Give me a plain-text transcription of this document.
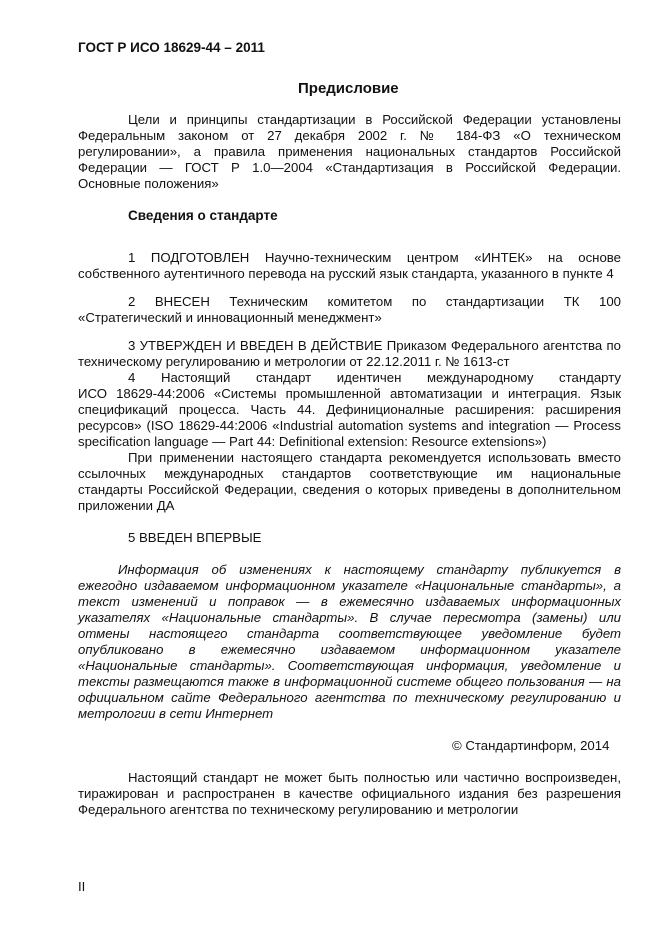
ГОСТ Р ИСО 18629-44 – 2011
Предисловие
Цели и принципы стандартизации в Российской Федерации установлены
Федеральным законом от 27 декабря 2002 г. № 184-ФЗ «О техническом
регулировании», а правила применения национальных стандартов Российской
Федерации — ГОСТ Р 1.0—2004 «Стандартизация в Российской Федерации.
Основные положения»
Сведения о стандарте
1 ПОДГОТОВЛЕН Научно-техническим центром «ИНТЕК» на основе
собственного аутентичного перевода на русский язык стандарта, указанного в пункте 4
2 ВНЕСЕН Техническим комитетом по стандартизации ТК 100
«Стратегический и инновационный менеджмент»
3 УТВЕРЖДЕН И ВВЕДЕН В ДЕЙСТВИЕ Приказом Федерального агентства по
техническому регулированию и метрологии от 22.12.2011 г. № 1613-ст
4 Настоящий стандарт идентичен международному стандарту
ИСО 18629-44:2006 «Системы промышленной автоматизации и интеграция. Язык
спецификаций процесса. Часть 44. Дефиниционалные расширения: расширения
ресурсов» (ISO 18629-44:2006 «Industrial automation systems and integration — Process
specification language — Part 44: Definitional extension: Resource extensions»)
При применении настоящего стандарта рекомендуется использовать вместо
ссылочных международных стандартов соответствующие им национальные
стандарты Российской Федерации, сведения о которых приведены в дополнительном
приложении ДА
5 ВВЕДЕН ВПЕРВЫЕ
Информация об изменениях к настоящему стандарту публикуется в
ежегодно издаваемом информационном указателе «Национальные стандарты», а
текст изменений и поправок — в ежемесячно издаваемых информационных
указателях «Национальные стандарты». В случае пересмотра (замены) или
отмены настоящего стандарта соответствующее уведомление будет
опубликовано в ежемесячно издаваемом информационном указателе
«Национальные стандарты». Соответствующая информация, уведомление и
тексты размещаются также в информационной системе общего пользования — на
официальном сайте Федерального агентства по техническому регулированию и
метрологии в сети Интернет
© Стандартинформ, 2014
Настоящий стандарт не может быть полностью или частично воспроизведен,
тиражирован и распространен в качестве официального издания без разрешения
Федерального агентства по техническому регулированию и метрологии
II
